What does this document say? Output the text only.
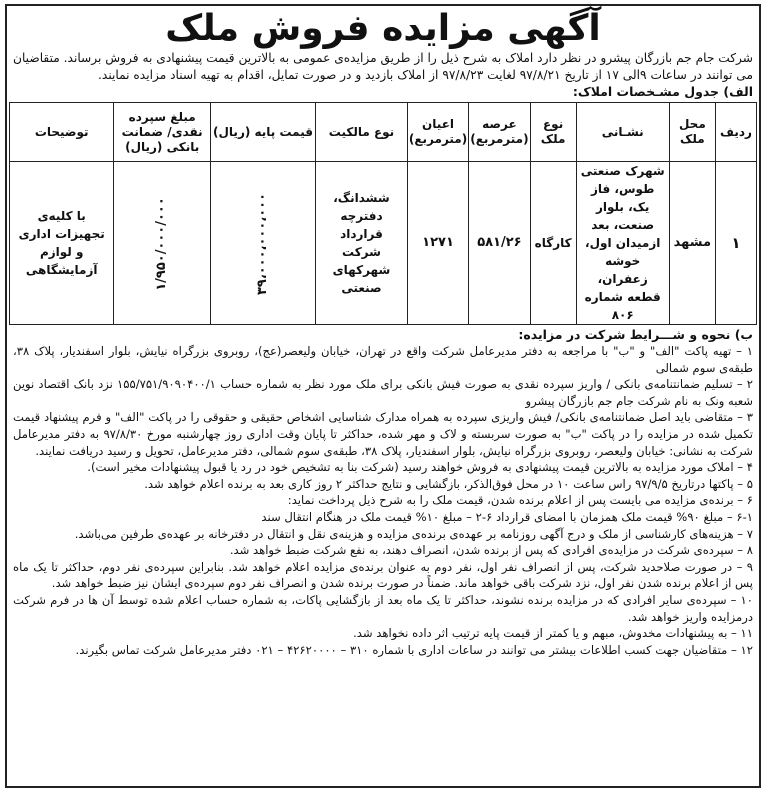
آگهی مزایده فروش ملک
شرکت جام جم بازرگان پیشرو در نظر دارد املاک به شرح ذیل را از طریق مزایده‌ی عمومی به بالاترین قیمت پیشنهادی به فروش برساند. متقاضیان می توانند در ساعات ۹الی ۱۷ از تاریخ ۹۷/۸/۲۱ لغایت ۹۷/۸/۲۳ از املاک بازدید و در صورت تمایل، اقدام به تهیه اسناد مزایده نمایند.
الف) جدول مشـخصات املاک:
ردیف	محل ملک	نشـانی	نوع ملک	عرصه (مترمربع)	اعیان (مترمربع)	نوع مالکیت	قیمت پایه (ریال)	مبلغ سپرده نقدی/ ضمانت بانکی (ریال)	توضیحات
۱	مشهد	شهرک صنعتی طوس، فاز یک، بلوار صنعت، بعد ازمیدان اول، خوشه زعفران، قطعه شماره ۸۰۶	کارگاه	۵۸۱/۲۶	۱۲۷۱	ششدانگ، دفترچه قرارداد شرکت شهرکهای صنعتی	۳۹،۰۰۰،۰۰۰،۰۰۰	۱/۹۵۰/۰۰۰/۰۰۰	با کلیه‌ی تجهیزات اداری و لوازم آزمایشگاهی
ب) نحوه و شـــرایط شرکت در مزایده:

۱ – تهیه پاکت "الف" و "ب" با مراجعه به دفتر مدیرعامل شرکت واقع در تهران، خیابان ولیعصر(عج)، روبروی بزرگراه نیایش، بلوار اسفندیار، پلاک ۳۸، طبقه‌ی سوم شمالی

۲ – تسلیم ضمانتنامه‌ی بانکی / واریز سپرده نقدی به صورت فیش بانکی برای ملک مورد نظر به شماره حساب ۱۵۵/۷۵۱/۹۰۹۰۴۰۰/۱ نزد بانک اقتصاد نوین شعبه ونک به نام شرکت جام جم بازرگان پیشرو

۳ – متقاضی باید اصل ضمانتنامه‌ی بانکی/ فیش واریزی سپرده به همراه مدارک شناسایی اشخاص حقیقی و حقوقی را در پاکت "الف" و فرم پیشنهاد قیمت تکمیل شده در مزایده را در پاکت "ب" به صورت سربسته و لاک و مهر شده، حداکثر تا پایان وقت اداری روز چهارشنبه مورخ ۹۷/۸/۳۰ به دفتر مدیرعامل شرکت به نشانی: خیابان ولیعصر، روبروی بزرگراه نیایش، بلوار اسفندیار، پلاک ۳۸، طبقه‌ی سوم شمالی، دفتر مدیرعامل، تحویل و رسید دریافت نمایند.

۴ – املاک مورد مزایده به بالاترین قیمت پیشنهادی به فروش خواهند رسید (شرکت بنا به تشخیص خود در رد یا قبول پیشنهادات مخیر است).

۵ – پاکتها درتاریخ ۹۷/۹/۵ راس ساعت ۱۰ در محل فوق‌الذکر، بازگشایی و نتایج حداکثر ۲ روز کاری بعد به برنده اعلام خواهد شد.

۶ – برنده‌ی مزایده می بایست پس از اعلام برنده شدن، قیمت ملک را به شرح ذیل پرداخت نماید:

۶-۱ – مبلغ ۹۰% قیمت ملک همزمان با امضای قرارداد ۶-۲ – مبلغ ۱۰% قیمت ملک در هنگام انتقال سند

۷ – هزینه‌های کارشناسی از ملک و درج آگهی روزنامه بر عهده‌ی برنده‌ی مزایده و هزینه‌ی نقل و انتقال در دفترخانه بر عهده‌ی طرفین می‌باشد.

۸ – سپرده‌ی شرکت در مزایده‌ی افرادی که پس از برنده شدن، انصراف دهند، به نفع شرکت ضبط خواهد شد.

۹ – در صورت صلاحدید شرکت، پس از انصراف نفر اول، نفر دوم به عنوان برنده‌ی مزایده اعلام خواهد شد. بنابراین سپرده‌ی نفر دوم، حداکثر تا یک ماه پس از اعلام برنده شدن نفر اول، نزد شرکت باقی خواهد ماند. ضمناً در صورت برنده شدن و انصراف نفر دوم سپرده‌ی ایشان نیز ضبط خواهد شد.

۱۰ – سپرده‌ی سایر افرادی که در مزایده برنده نشوند، حداکثر تا یک ماه بعد از بازگشایی پاکات، به شماره حساب اعلام شده توسط آن ها در فرم شرکت درمزایده واریز خواهد شد.

۱۱ – به پیشنهادات مخدوش، مبهم و یا کمتر از قیمت پایه ترتیب اثر داده نخواهد شد.

۱۲ – متقاضیان جهت کسب اطلاعات بیشتر می توانند در ساعات اداری با شماره ۳۱۰ – ۴۲۶۲۰۰۰۰ – ۰۲۱ دفتر مدیرعامل شرکت تماس بگیرند.
